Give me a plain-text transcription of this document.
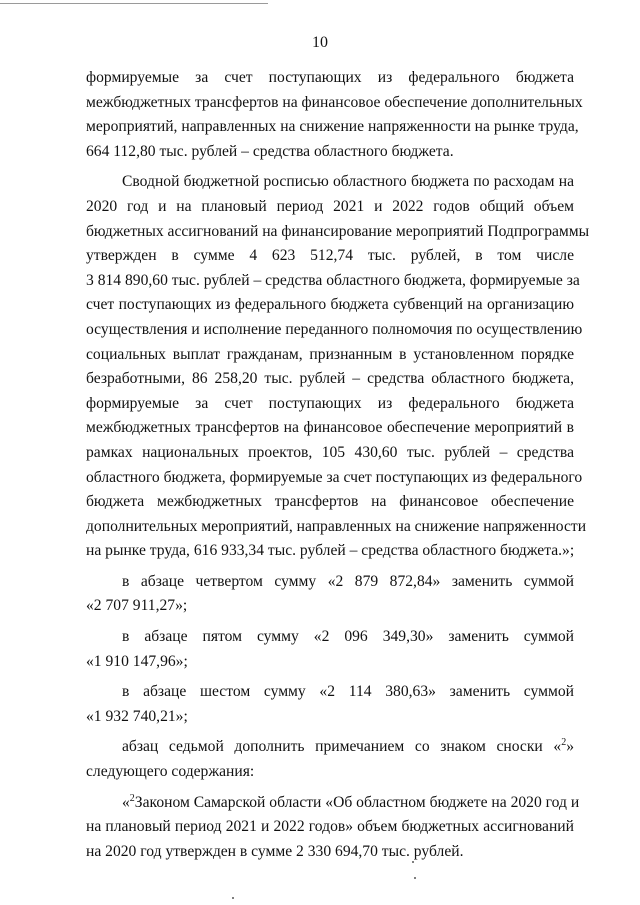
10
формируемые за счет поступающих из федерального бюджета
межбюджетных трансфертов на финансовое обеспечение дополнительных
мероприятий, направленных на снижение напряженности на рынке труда,
664 112,80 тыс. рублей – средства областного бюджета.
Сводной бюджетной росписью областного бюджета по расходам на
2020 год и на плановый период 2021 и 2022 годов общий объем
бюджетных ассигнований на финансирование мероприятий Подпрограммы
утвержден в сумме 4 623 512,74 тыс. рублей, в том числе
3 814 890,60 тыс. рублей – средства областного бюджета, формируемые за
счет поступающих из федерального бюджета субвенций на организацию
осуществления и исполнение переданного полномочия по осуществлению
социальных выплат гражданам, признанным в установленном порядке
безработными, 86 258,20 тыс. рублей – средства областного бюджета,
формируемые за счет поступающих из федерального бюджета
межбюджетных трансфертов на финансовое обеспечение мероприятий в
рамках национальных проектов, 105 430,60 тыс. рублей – средства
областного бюджета, формируемые за счет поступающих из федерального
бюджета межбюджетных трансфертов на финансовое обеспечение
дополнительных мероприятий, направленных на снижение напряженности
на рынке труда, 616 933,34 тыс. рублей – средства областного бюджета.»;
в абзаце четвертом сумму «2 879 872,84» заменить суммой
«2 707 911,27»;
в абзаце пятом сумму «2 096 349,30» заменить суммой
«1 910 147,96»;
в абзаце шестом сумму «2 114 380,63» заменить суммой
«1 932 740,21»;
абзац седьмой дополнить примечанием со знаком сноски «$^2$»
следующего содержания:
«$^2$Законом Самарской области «Об областном бюджете на 2020 год и
на плановый период 2021 и 2022 годов» объем бюджетных ассигнований
на 2020 год утвержден в сумме 2 330 694,70 тыс. рублей.
